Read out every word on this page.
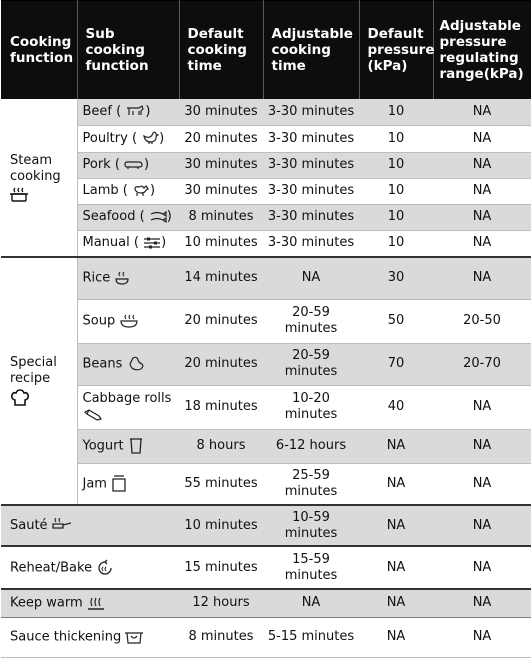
Cooking function	Sub cooking function	Default cooking time	Adjustable cooking time	Default pressure (kPa)	Adjustable pressure regulating range(kPa)
Steam cooking	Beef ( )	30 minutes	3-30 minutes	10	NA
	Poultry ( )	20 minutes	3-30 minutes	10	NA
	Pork ( )	30 minutes	3-30 minutes	10	NA
	Lamb ( )	30 minutes	3-30 minutes	10	NA
	Seafood ( )	8 minutes	3-30 minutes	10	NA
	Manual ( )	10 minutes	3-30 minutes	10	NA
Special recipe	Rice	14 minutes	NA	30	NA
	Soup	20 minutes	20-59 minutes	50	20-50
	Beans	20 minutes	20-59 minutes	70	20-70
	Cabbage rolls	18 minutes	10-20 minutes	40	NA
	Yogurt	8 hours	6-12 hours	NA	NA
	Jam	55 minutes	25-59 minutes	NA	NA
Sauté		10 minutes	10-59 minutes	NA	NA
Reheat/Bake		15 minutes	15-59 minutes	NA	NA
Keep warm		12 hours	NA	NA	NA
Sauce thickening		8 minutes	5-15 minutes	NA	NA
